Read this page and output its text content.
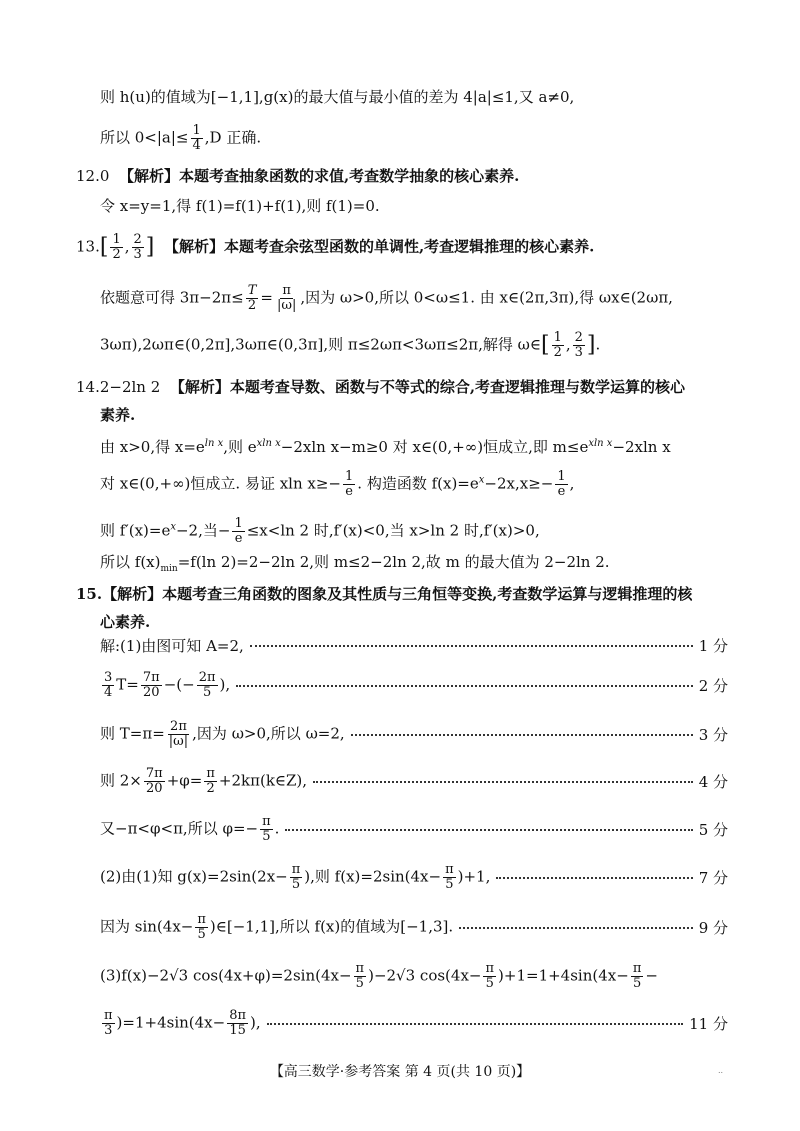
则 h(u)的值域为[−1,1],g(x)的最大值与最小值的差为 4|a|≤1,又 a≠0,
所以 $0<|a|\le \frac{1}{4} ,D$ 正确.
12.0 【解析】本题考查抽象函数的求值,考查数学抽象的核心素养.
令 x=y=1,得 f(1)=f(1)+f(1),则 f(1)=0.
$13.[ \frac{1}{2}$ , $\frac{2}{3}$ ] 【解析】本题考查余弦型函数的单调性,考查逻辑推理的核心素养.
依题意可得 $3\pi-2\pi\le \frac{T}{2} = \frac{\pi}{|\omega|}$ ,因为 ω>0,所以 0<ω≤1. 由 x∈(2π,3π),得 ωx∈(2ωπ,
3ωπ),2ωπ∈(0,2π],3ωπ∈(0,3π],则 π≤2ωπ<3ωπ≤2π,解得 ω∈[ $\frac{1}{2}$ , $\frac{2}{3}$ ].
14.2−2ln 2 【解析】本题考查导数、函数与不等式的综合,考查逻辑推理与数学运算的核心
素养.
由 x>0,得 $x=e^{ln x}$,则 $e^{xln x}-2xln$ x−m≥0 对 x∈(0,+∞)恒成立,即 $m\le e^{xln x}-2xln$ x
对 x∈(0,+∞)恒成立. 易证 xln $x\ge- \frac{1}{e}$ . 构造函数 $f(x)=e^x-2x,x\ge- \frac{1}{e}$ ,
则 $f'(x)=e^x-2$,当− $\frac{1}{e} \le x<\ln$ 2 时,f′(x)<0,当 x>ln 2 时,f′(x)>0,
所以 $f(x)_{min}=f(\ln$ 2)=2−2ln 2,则 m≤2−2ln 2,故 m 的最大值为 2−2ln 2.
15.【解析】本题考查三角函数的图象及其性质与三角恒等变换,考查数学运算与逻辑推理的核
心素养.
解:(1)由图可知 A=2,	1 分
$\frac{3}{4} T= \frac{7\pi}{20}$ −(− $\frac{2\pi}{5}$ ),	2 分
则 $T=\pi= \frac{2\pi}{|\omega|}$ ,因为 ω>0,所以 ω=2,	3 分
则 $2\times \frac{7\pi}{20} +\varphi= \frac{\pi}{2}$ +2kπ(k∈Z),	4 分
又−π<φ<π,所以 $\varphi=- \frac{\pi}{5}$ .	5 分
(2)由(1)知 $g(x)=2\sin(2x- \frac{\pi}{5}$ ),则 $f(x)=2\sin(4x- \frac{\pi}{5} )+1$,	7 分
因为 $\sin(4x- \frac{\pi}{5}$ )∈[−1,1],所以 f(x)的值域为[−1,3].	9 分
(3)f(x)−2√3 $\cos(4x+\varphi)=2\sin(4x- \frac{\pi}{5} )-2√3$ $\cos(4x- \frac{\pi}{5} )+1=1+4\sin(4x- \frac{\pi}{5}$ −
$\frac{\pi}{3} )=1+4\sin(4x- \frac{8\pi}{15}$ ),	11 分
【高三数学·参考答案 第 4 页(共 10 页)】	..
